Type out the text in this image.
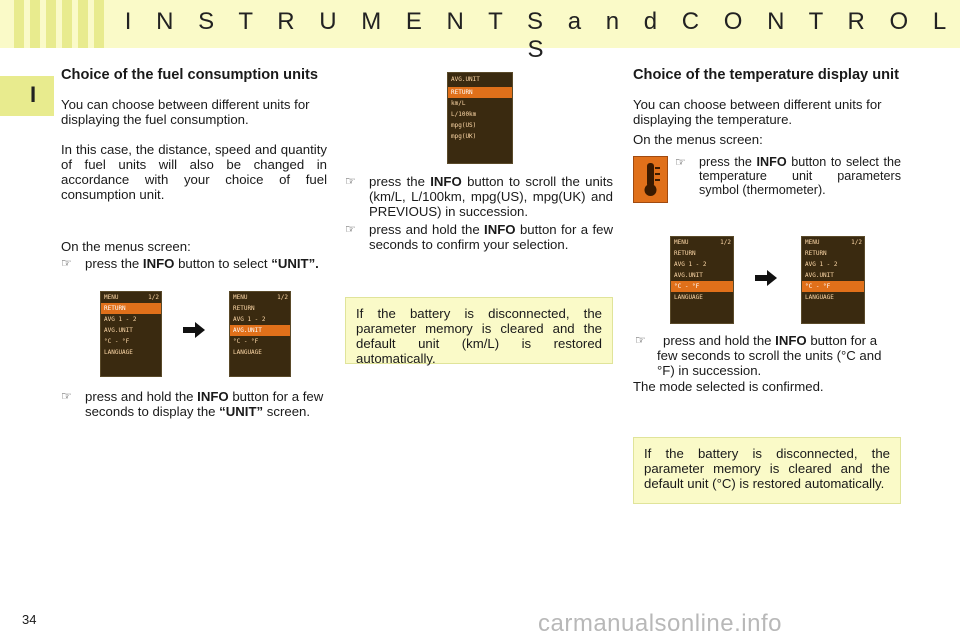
I N S T R U M E N T S a n d C O N T R O L S
I

Choice of the fuel consumption units

You can choose between different units for displaying the fuel consumption.

In this case, the distance, speed and quantity of fuel units will also be changed in accordance with your choice of fuel consumption unit.

On the menus screen:

☞ press the INFO button to select “UNIT”.
MENU	1/2
RETURN
AVG 1 - 2
AVG.UNIT
°C - °F
LANGUAGE
MENU	1/2
RETURN
AVG 1 - 2
AVG.UNIT
°C - °F
LANGUAGE
☞ press and hold the INFO button for a few seconds to display the “UNIT” screen.
AVG.UNIT
RETURN
km/L
L/100km
mpg(US)
mpg(UK)
☞ press the INFO button to scroll the units (km/L, L/100km, mpg(US), mpg(UK) and PREVIOUS) in succession.
☞ press and hold the INFO button for a few seconds to confirm your selection.
If the battery is disconnected, the parameter memory is cleared and the default unit (km/L) is restored automatically.

Choice of the temperature display unit

You can choose between different units for displaying the temperature.

On the menus screen:

☞ press the INFO button to select the temperature unit parameters symbol (thermometer).
MENU	1/2
RETURN
AVG 1 - 2
AVG.UNIT
°C - °F
LANGUAGE
MENU	1/2
RETURN
AVG 1 - 2
AVG.UNIT
°C - °F
LANGUAGE
☞ press and hold the INFO button for a few seconds to scroll the units (°C and °F) in succession.

The mode selected is confirmed.

If the battery is disconnected, the parameter memory is cleared and the default unit (°C) is restored automatically.
34	carmanualsonline.info
